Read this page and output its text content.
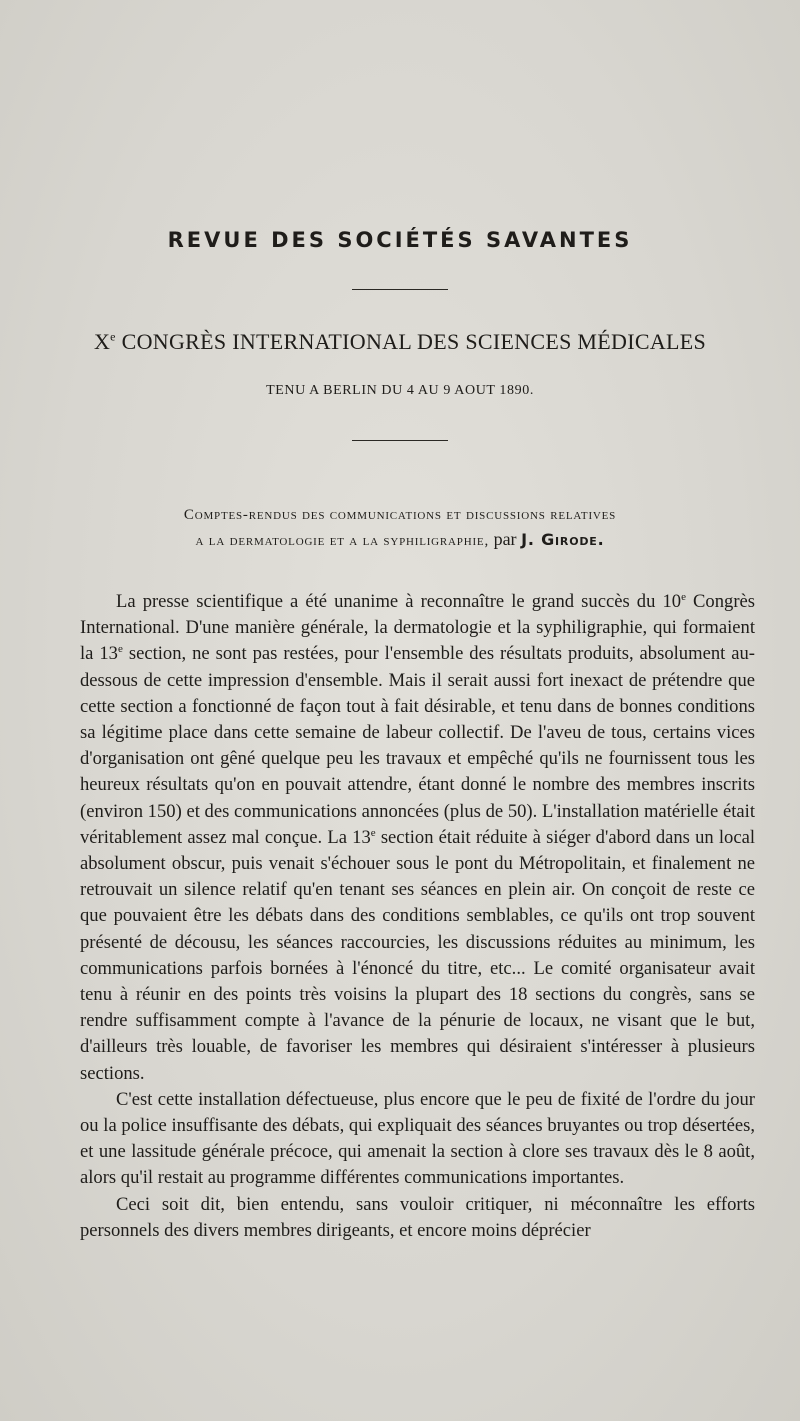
REVUE DES SOCIÉTÉS SAVANTES
Xe CONGRÈS INTERNATIONAL DES SCIENCES MÉDICALES
TENU A BERLIN DU 4 AU 9 AOUT 1890.
Comptes-rendus des communications et discussions relatives
a la dermatologie et a la syphiligraphie, par J. Girode.

La presse scientifique a été unanime à reconnaître le grand succès du 10e Congrès International. D'une manière générale, la dermatologie et la syphiligraphie, qui formaient la 13e section, ne sont pas restées, pour l'ensemble des résultats produits, absolument au-dessous de cette impression d'ensemble. Mais il serait aussi fort inexact de prétendre que cette section a fonctionné de façon tout à fait désirable, et tenu dans de bonnes conditions sa légitime place dans cette semaine de labeur collectif. De l'aveu de tous, certains vices d'organisation ont gêné quelque peu les travaux et empêché qu'ils ne fournissent tous les heureux résultats qu'on en pouvait attendre, étant donné le nombre des membres inscrits (environ 150) et des communications annoncées (plus de 50). L'installation matérielle était véritablement assez mal conçue. La 13e section était réduite à siéger d'abord dans un local absolument obscur, puis venait s'échouer sous le pont du Métropolitain, et finalement ne retrouvait un silence relatif qu'en tenant ses séances en plein air. On conçoit de reste ce que pouvaient être les débats dans des conditions semblables, ce qu'ils ont trop souvent présenté de décousu, les séances raccourcies, les discussions réduites au minimum, les communications parfois bornées à l'énoncé du titre, etc... Le comité organisateur avait tenu à réunir en des points très voisins la plupart des 18 sections du congrès, sans se rendre suffisamment compte à l'avance de la pénurie de locaux, ne visant que le but, d'ailleurs très louable, de favoriser les membres qui désiraient s'intéresser à plusieurs sections.

C'est cette installation défectueuse, plus encore que le peu de fixité de l'ordre du jour ou la police insuffisante des débats, qui expliquait des séances bruyantes ou trop désertées, et une lassitude générale précoce, qui amenait la section à clore ses travaux dès le 8 août, alors qu'il restait au programme différentes communications importantes.

Ceci soit dit, bien entendu, sans vouloir critiquer, ni méconnaître les efforts personnels des divers membres dirigeants, et encore moins déprécier
